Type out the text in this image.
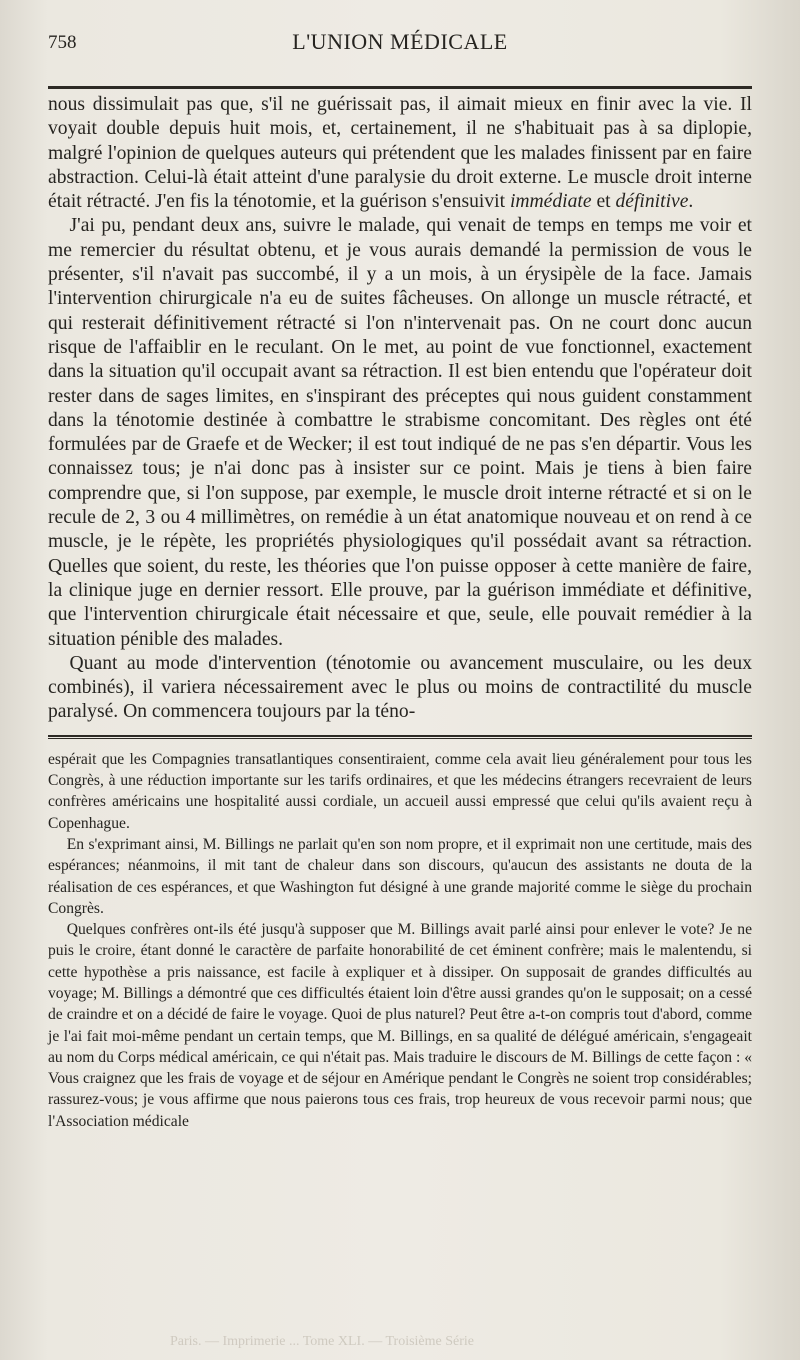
758	L'UNION MÉDICALE

nous dissimulait pas que, s'il ne guérissait pas, il aimait mieux en finir avec la vie. Il voyait double depuis huit mois, et, certainement, il ne s'habituait pas à sa diplopie, malgré l'opinion de quelques auteurs qui prétendent que les malades finissent par en faire abstraction. Celui-là était atteint d'une paralysie du droit externe. Le muscle droit interne était rétracté. J'en fis la ténotomie, et la guérison s'ensuivit immédiate et définitive.

J'ai pu, pendant deux ans, suivre le malade, qui venait de temps en temps me voir et me remercier du résultat obtenu, et je vous aurais demandé la permission de vous le présenter, s'il n'avait pas succombé, il y a un mois, à un érysipèle de la face. Jamais l'intervention chirurgicale n'a eu de suites fâcheuses. On allonge un muscle rétracté, et qui resterait définitivement rétracté si l'on n'intervenait pas. On ne court donc aucun risque de l'affaiblir en le reculant. On le met, au point de vue fonctionnel, exactement dans la situation qu'il occupait avant sa rétraction. Il est bien entendu que l'opérateur doit rester dans de sages limites, en s'inspirant des préceptes qui nous guident constamment dans la ténotomie destinée à combattre le strabisme concomitant. Des règles ont été formulées par de Graefe et de Wecker; il est tout indiqué de ne pas s'en départir. Vous les connaissez tous; je n'ai donc pas à insister sur ce point. Mais je tiens à bien faire comprendre que, si l'on suppose, par exemple, le muscle droit interne rétracté et si on le recule de 2, 3 ou 4 millimètres, on remédie à un état anatomique nouveau et on rend à ce muscle, je le répète, les propriétés physiologiques qu'il possédait avant sa rétraction. Quelles que soient, du reste, les théories que l'on puisse opposer à cette manière de faire, la clinique juge en dernier ressort. Elle prouve, par la guérison immédiate et définitive, que l'intervention chirurgicale était nécessaire et que, seule, elle pouvait remédier à la situation pénible des malades.

Quant au mode d'intervention (ténotomie ou avancement musculaire, ou les deux combinés), il variera nécessairement avec le plus ou moins de contractilité du muscle paralysé. On commencera toujours par la téno-

espérait que les Compagnies transatlantiques consentiraient, comme cela avait lieu généralement pour tous les Congrès, à une réduction importante sur les tarifs ordinaires, et que les médecins étrangers recevraient de leurs confrères américains une hospitalité aussi cordiale, un accueil aussi empressé que celui qu'ils avaient reçu à Copenhague.

En s'exprimant ainsi, M. Billings ne parlait qu'en son nom propre, et il exprimait non une certitude, mais des espérances; néanmoins, il mit tant de chaleur dans son discours, qu'aucun des assistants ne douta de la réalisation de ces espérances, et que Washington fut désigné à une grande majorité comme le siège du prochain Congrès.

Quelques confrères ont-ils été jusqu'à supposer que M. Billings avait parlé ainsi pour enlever le vote? Je ne puis le croire, étant donné le caractère de parfaite honorabilité de cet éminent confrère; mais le malentendu, si cette hypothèse a pris naissance, est facile à expliquer et à dissiper. On supposait de grandes difficultés au voyage; M. Billings a démontré que ces difficultés étaient loin d'être aussi grandes qu'on le supposait; on a cessé de craindre et on a décidé de faire le voyage. Quoi de plus naturel? Peut être a-t-on compris tout d'abord, comme je l'ai fait moi-même pendant un certain temps, que M. Billings, en sa qualité de délégué américain, s'engageait au nom du Corps médical américain, ce qui n'était pas. Mais traduire le discours de M. Billings de cette façon : « Vous craignez que les frais de voyage et de séjour en Amérique pendant le Congrès ne soient trop considérables; rassurez-vous; je vous affirme que nous paierons tous ces frais, trop heureux de vous recevoir parmi nous; que l'Association médicale

Paris. — Imprimerie ... Tome XLI. — Troisième Série
